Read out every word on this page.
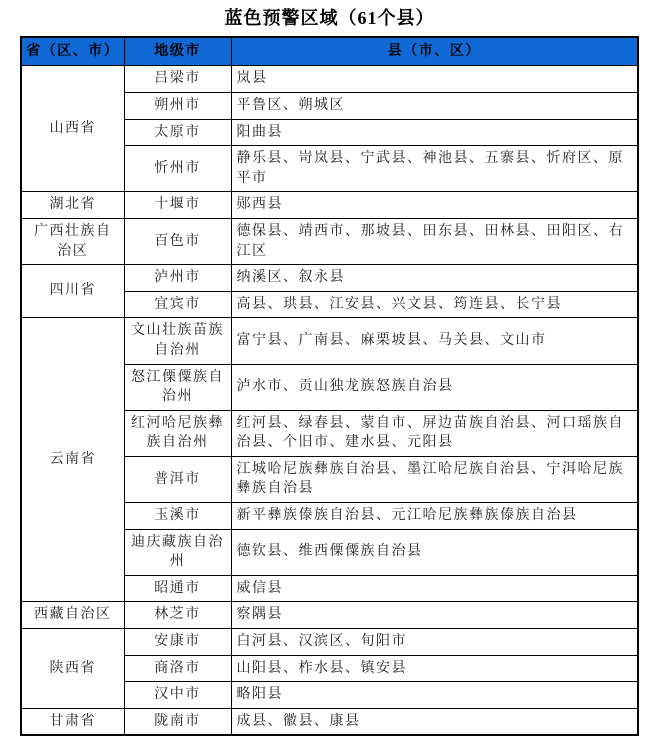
蓝色预警区域（61个县）
省（区、市）	地级市	县（市、区）
山西省	吕梁市	岚县
	朔州市	平鲁区、朔城区
	太原市	阳曲县
	忻州市	静乐县、岢岚县、宁武县、神池县、五寨县、忻府区、原平市
湖北省	十堰市	郧西县
广西壮族自治区	百色市	德保县、靖西市、那坡县、田东县、田林县、田阳区、右江区
四川省	泸州市	纳溪区、叙永县
	宜宾市	高县、珙县、江安县、兴文县、筠连县、长宁县
云南省	文山壮族苗族自治州	富宁县、广南县、麻栗坡县、马关县、文山市
	怒江傈僳族自治州	泸水市、贡山独龙族怒族自治县
	红河哈尼族彝族自治州	红河县、绿春县、蒙自市、屏边苗族自治县、河口瑶族自治县、个旧市、建水县、元阳县
	普洱市	江城哈尼族彝族自治县、墨江哈尼族自治县、宁洱哈尼族彝族自治县
	玉溪市	新平彝族傣族自治县、元江哈尼族彝族傣族自治县
	迪庆藏族自治州	德钦县、维西傈僳族自治县
	昭通市	威信县
西藏自治区	林芝市	察隅县
陕西省	安康市	白河县、汉滨区、旬阳市
	商洛市	山阳县、柞水县、镇安县
	汉中市	略阳县
甘肃省	陇南市	成县、徽县、康县
